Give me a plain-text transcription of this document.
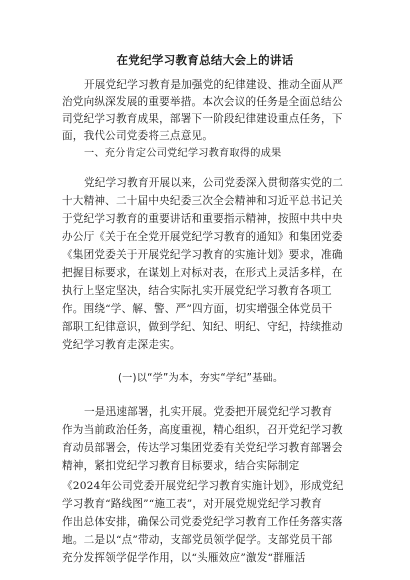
在党纪学习教育总结大会上的讲话
开展党纪学习教育是加强党的纪律建设、推动全面从严
治党向纵深发展的重要举措。本次会议的任务是全面总结公
司党纪学习教育成果，部署下一阶段纪律建设重点任务，下
面，我代公司党委将三点意见。
一、充分肯定公司党纪学习教育取得的成果
党纪学习教育开展以来，公司党委深入贯彻落实党的二
十大精神、二十届中央纪委三次全会精神和习近平总书记关
于党纪学习教育的重要讲话和重要指示精神，按照中共中央
办公厅《关于在全党开展党纪学习教育的通知》和集团党委
《集团党委关于开展党纪学习教育的实施计划》要求，准确
把握目标要求，在谋划上对标对表，在形式上灵活多样，在
执行上坚定坚决，结合实际扎实开展党纪学习教育各项工
作。围绕“学、解、警、严”四方面，切实增强全体党员干
部职工纪律意识，做到学纪、知纪、明纪、守纪，持续推动
党纪学习教育走深走实。
(一)以“学”为本，夯实“学纪”基础。
一是迅速部署，扎实开展。党委把开展党纪学习教育
作为当前政治任务，高度重视，精心组织，召开党纪学习教
育动员部署会，传达学习集团党委有关党纪学习教育部署会
精神，紧扣党纪学习教育目标要求，结合实际制定
《2024年公司党委开展党纪学习教育实施计划》，形成党纪
学习教育“路线图”“施工表”，对开展党规党纪学习教育
作出总体安排，确保公司党委党纪学习教育工作任务落实落
地。二是以“点”带动，支部党员领学促学。支部党员干部
充分发挥领学促学作用，以“头雁效应”激发“群雁活
